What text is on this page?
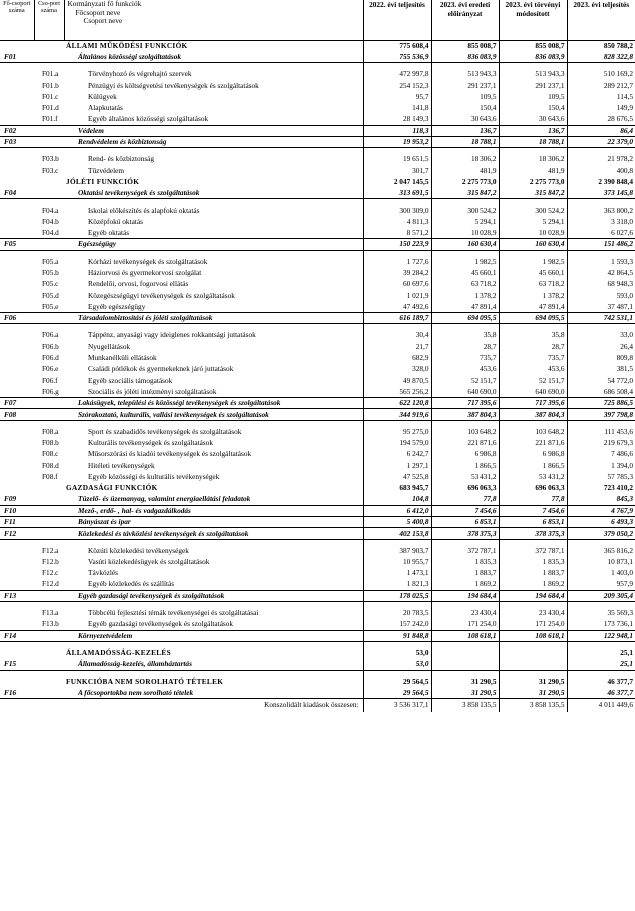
Fő-csoport száma	Cso-port száma	Kormányzati fő funkciók
Főcsoport neve
Csoport neve	2022. évi teljesítés	2023. évi eredeti előirányzat	2023. évi törvényi módosított	2023. évi teljesítés
		ÁLLAMI MŰKÖDÉSI FUNKCIÓK	775 608,4	855 008,7	855 008,7	850 788,2
F01		Általános közösségi szolgáltatások	755 536,9	836 083,9	836 083,9	828 322,8

	F01.a	Törvényhozó és végrehajtó szervek	472 997,8	513 943,3	513 943,3	510 169,2
	F01.b	Pénzügyi és költségvetési tevékenységek és szolgáltatások	254 152,3	291 237,1	291 237,1	289 212,7
	F01.c	Külügyek	95,7	109,5	109,5	114,5
	F01.d	Alapkutatás	141,8	150,4	150,4	149,9
	F01.f	Egyéb általános közösségi szolgáltatások	28 149,3	30 643,6	30 643,6	28 676,5
F02		Védelem	118,3	136,7	136,7	86,4
F03		Rendvédelem és közbiztonság	19 953,2	18 788,1	18 788,1	22 379,0

	F03.b	Rend- és közbiztonság	19 651,5	18 306,2	18 306,2	21 978,2
	F03.c	Tűzvédelem	301,7	481,9	481,9	400,8
		JÓLÉTI FUNKCIÓK	2 047 145,5	2 275 773,0	2 275 773,0	2 390 848,4
F04		Oktatási tevékenységek és szolgáltatások	313 691,5	315 847,2	315 847,2	373 145,8

	F04.a	Iskolai előkészítés és alapfokú oktatás	300 309,0	300 524,2	300 524,2	363 800,2
	F04.b	Középfokú oktatás	4 811,3	5 294,1	5 294,1	3 318,0
	F04.d	Egyéb oktatás	8 571,2	10 028,9	10 028,9	6 027,6
F05		Egészségügy	150 223,9	160 630,4	160 630,4	151 486,2

	F05.a	Kórházi tevékenységek és szolgáltatások	1 727,6	1 982,5	1 982,5	1 593,3
	F05.b	Háziorvosi és gyermekorvosi szolgálat	39 284,2	45 660,1	45 660,1	42 864,5
	F05.c	Rendelői, orvosi, fogorvosi ellátás	60 697,6	63 718,2	63 718,2	68 948,3
	F05.d	Közegészségügyi tevékenységek és szolgáltatások	1 021,9	1 378,2	1 378,2	593,0
	F05.e	Egyéb egészségügy	47 492,6	47 891,4	47 891,4	37 487,1
F06		Társadalombiztosítási és jóléti szolgáltatások	616 189,7	694 095,5	694 095,5	742 531,1

	F06.a	Táppénz, anyasági vagy ideiglenes rokkantsági juttatások	30,4	35,8	35,8	33,0
	F06.b	Nyugellátások	21,7	28,7	28,7	26,4
	F06.d	Munkanélküli ellátások	682,9	735,7	735,7	809,8
	F06.e	Családi pótlékok és gyermekeknek járó juttatások	328,0	453,6	453,6	381,5
	F06.f	Egyéb szociális támogatások	49 870,5	52 151,7	52 151,7	54 772,0
	F06.g	Szociális és jóléti intézményi szolgáltatások	565 256,2	640 690,0	640 690,0	686 508,4
F07		Lakásügyek, települési és közösségi tevékenységek és szolgáltatások	622 120,8	717 395,6	717 395,6	725 886,5
F08		Szórakoztató, kulturális, vallási tevékenységek és szolgáltatások	344 919,6	387 804,3	387 804,3	397 798,8

	F08.a	Sport és szabadidős tevékenységek és szolgáltatások	95 275,0	103 648,2	103 648,2	111 453,6
	F08.b	Kulturális tevékenységek és szolgáltatások	194 579,0	221 871,6	221 871,6	219 679,3
	F08.c	Műsorszórási és kiadói tevékenységek és szolgáltatások	6 242,7	6 986,8	6 986,8	7 486,6
	F08.d	Hitéleti tevékenységek	1 297,1	1 866,5	1 866,5	1 394,0
	F08.f	Egyéb közösségi és kulturális tevékenységek	47 525,8	53 431,2	53 431,2	57 785,3
		GAZDASÁGI FUNKCIÓK	683 945,7	696 063,3	696 063,3	723 410,2
F09		Tüzelő- és üzemanyag, valamint energiaellátási feladatok	104,8	77,8	77,8	845,3
F10		Mező-, erdő- , hal- és vadgazdálkodás	6 412,0	7 454,6	7 454,6	4 767,9
F11		Bányászat és ipar	5 400,8	6 853,1	6 853,1	6 493,3
F12		Közlekedési és távközlési tevékenységek és szolgáltatások	402 153,8	378 375,3	378 375,3	379 050,2

	F12.a	Közúti közlekedési tevékenységek	387 903,7	372 787,1	372 787,1	365 816,2
	F12.b	Vasúti közlekedésügyek és szolgáltatások	10 955,7	1 835,3	1 835,3	10 873,1
	F12.c	Távközlés	1 473,1	1 883,7	1 883,7	1 403,0
	F12.d	Egyéb közlekedés és szállítás	1 821,3	1 869,2	1 869,2	957,9
F13		Egyéb gazdasági tevékenységek és szolgáltatások	178 025,5	194 684,4	194 684,4	209 305,4

	F13.a	Többcélú fejlesztési témák tevékenységei és szolgáltatásai	20 783,5	23 430,4	23 430,4	35 569,3
	F13.b	Egyéb gazdasági tevékenységek és szolgáltatások	157 242,0	171 254,0	171 254,0	173 736,1
F14		Környezetvédelem	91 848,8	108 618,1	108 618,1	122 948,1

		ÁLLAMADÓSSÁG-KEZELÉS	53,0			25,1
F15		Államadósság-kezelés, államháztartás	53,0			25,1

		FUNKCIÓBA NEM SOROLHATÓ TÉTELEK	29 564,5	31 290,5	31 290,5	46 377,7
F16		A főcsoportokba nem sorolható tételek	29 564,5	31 290,5	31 290,5	46 377,7
Konszolidált kiadások összesen:			3 536 317,1	3 858 135,5	3 858 135,5	4 011 449,6
